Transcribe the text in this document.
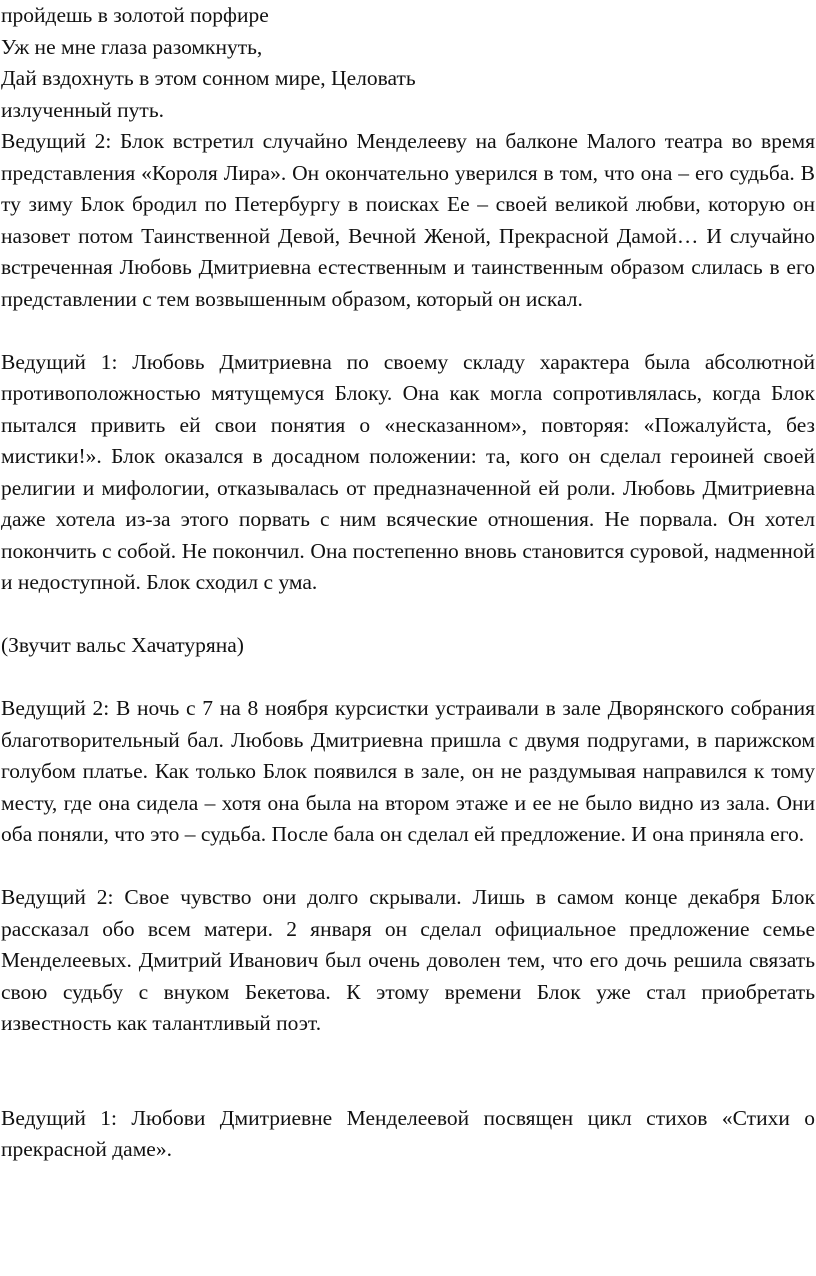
пройдешь в золотой порфире

Уж не мне глаза разомкнуть,

Дай вздохнуть в этом сонном мире, Целовать

излученный путь.

Ведущий 2: Блок встретил случайно Менделееву на балконе Малого театра во время представления «Короля Лира». Он окончательно уверился в том, что она – его судьба. В ту зиму Блок бродил по Петербургу в поисках Ее – своей великой любви, которую он назовет потом Таинственной Девой, Вечной Женой, Прекрасной Дамой… И случайно встреченная Любовь Дмитриевна естественным и таинственным образом слилась в его представлении с тем возвышенным образом, который он искал.

Ведущий 1: Любовь Дмитриевна по своему складу характера была абсолютной противоположностью мятущемуся Блоку. Она как могла сопротивлялась, когда Блок пытался привить ей свои понятия о «несказанном», повторяя: «Пожалуйста, без мистики!». Блок оказался в досадном положении: та, кого он сделал героиней своей религии и мифологии, отказывалась от предназначенной ей роли. Любовь Дмитриевна даже хотела из-за этого порвать с ним всяческие отношения. Не порвала. Он хотел покончить с собой. Не покончил. Она постепенно вновь становится суровой, надменной и недоступной. Блок сходил с ума.

(Звучит вальс Хачатуряна)

Ведущий 2: В ночь с 7 на 8 ноября курсистки устраивали в зале Дворянского собрания благотворительный бал. Любовь Дмитриевна пришла с двумя подругами, в парижском голубом платье. Как только Блок появился в зале, он не раздумывая направился к тому месту, где она сидела – хотя она была на втором этаже и ее не было видно из зала. Они оба поняли, что это – судьба. После бала он сделал ей предложение. И она приняла его.

Ведущий 2: Свое чувство они долго скрывали. Лишь в самом конце декабря Блок рассказал обо всем матери. 2 января он сделал официальное предложение семье Менделеевых. Дмитрий Иванович был очень доволен тем, что его дочь решила связать свою судьбу с внуком Бекетова. К этому времени Блок уже стал приобретать известность как талантливый поэт.

Ведущий 1: Любови Дмитриевне Менделеевой посвящен цикл стихов «Стихи о прекрасной даме».
